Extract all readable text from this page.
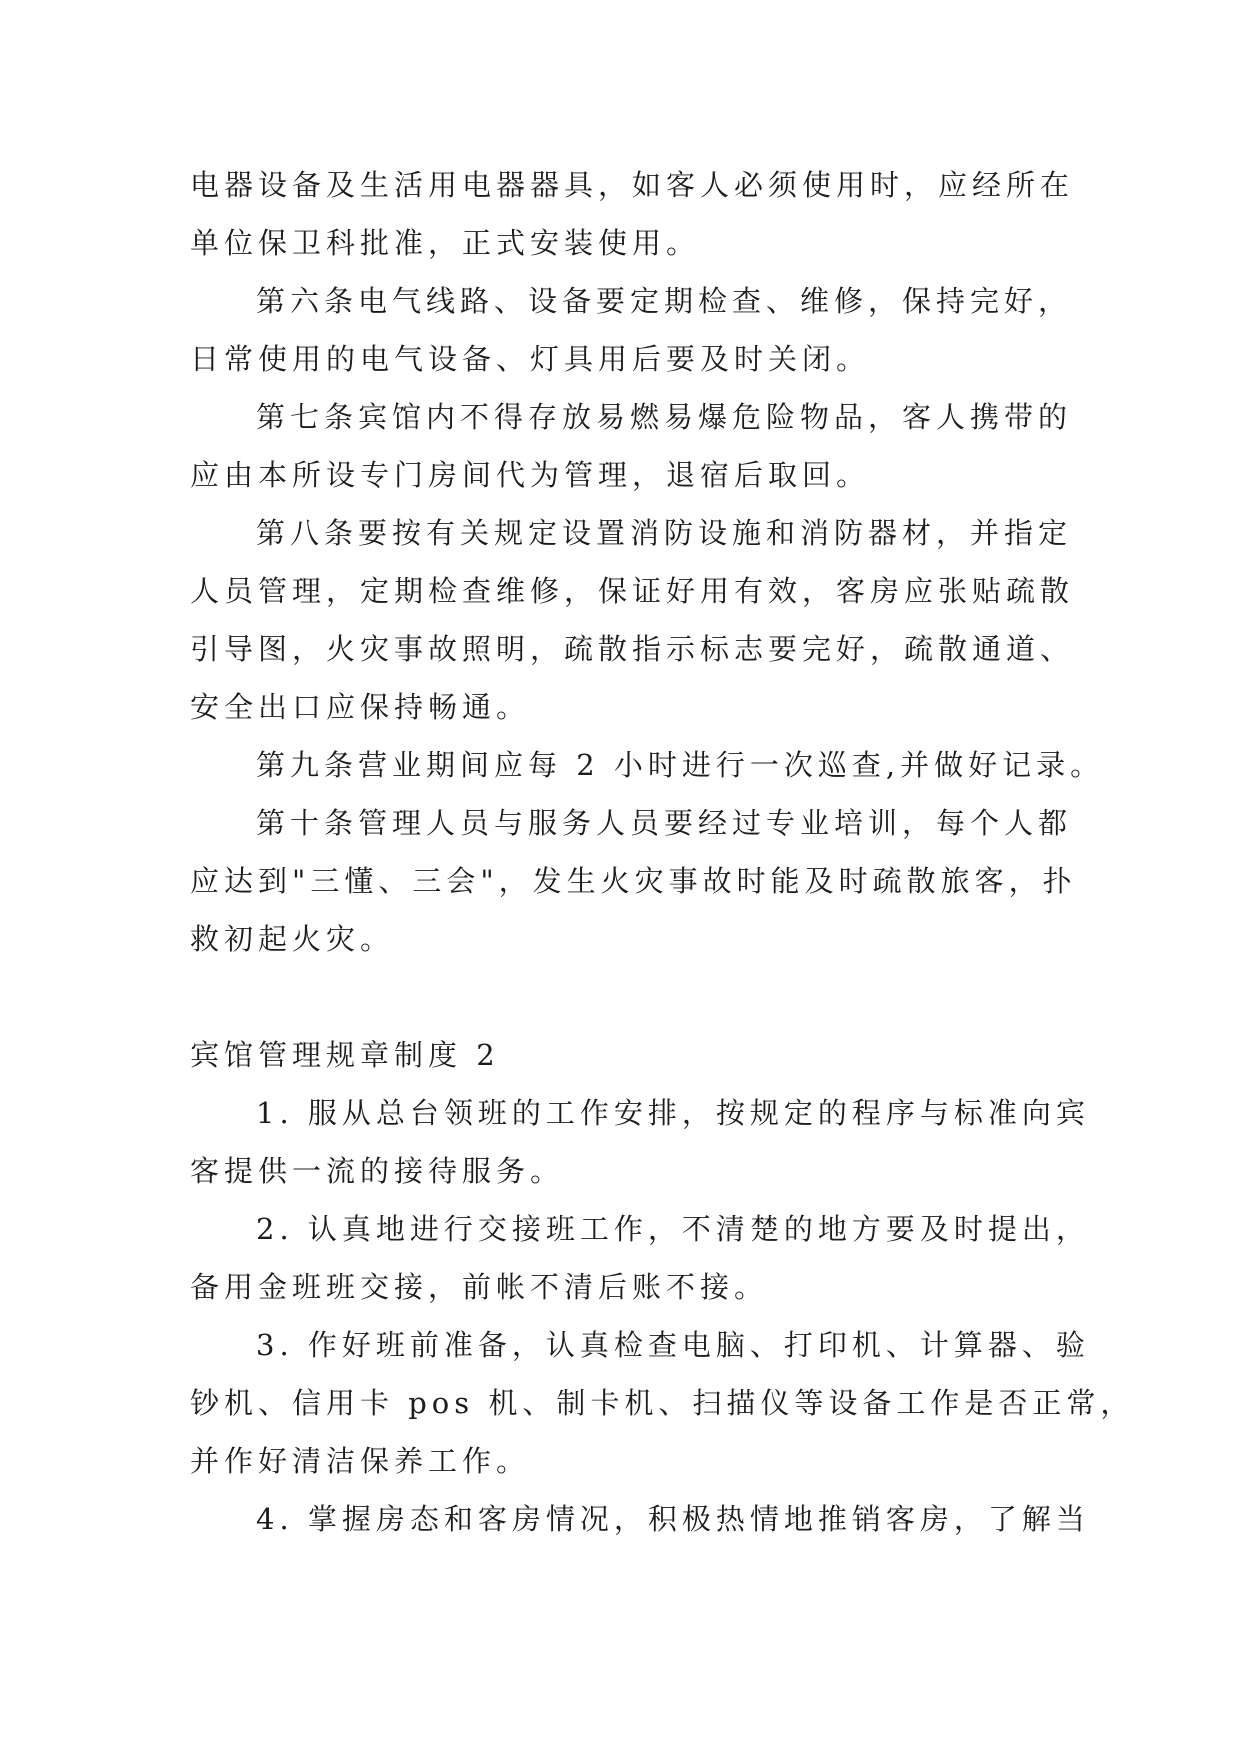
电器设备及生活用电器器具，如客人必须使用时，应经所在
单位保卫科批准，正式安装使用。
第六条电气线路、设备要定期检查、维修，保持完好，
日常使用的电气设备、灯具用后要及时关闭。
第七条宾馆内不得存放易燃易爆危险物品，客人携带的
应由本所设专门房间代为管理，退宿后取回。
第八条要按有关规定设置消防设施和消防器材，并指定
人员管理，定期检查维修，保证好用有效，客房应张贴疏散
引导图，火灾事故照明，疏散指示标志要完好，疏散通道、
安全出口应保持畅通。
第九条营业期间应每 2 小时进行一次巡查,并做好记录。
第十条管理人员与服务人员要经过专业培训，每个人都
应达到"三懂、三会"，发生火灾事故时能及时疏散旅客，扑
救初起火灾。
宾馆管理规章制度 2
1. 服从总台领班的工作安排，按规定的程序与标准向宾
客提供一流的接待服务。
2. 认真地进行交接班工作，不清楚的地方要及时提出，
备用金班班交接，前帐不清后账不接。
3. 作好班前准备，认真检查电脑、打印机、计算器、验
钞机、信用卡 pos 机、制卡机、扫描仪等设备工作是否正常，
并作好清洁保养工作。
4. 掌握房态和客房情况，积极热情地推销客房，了解当
